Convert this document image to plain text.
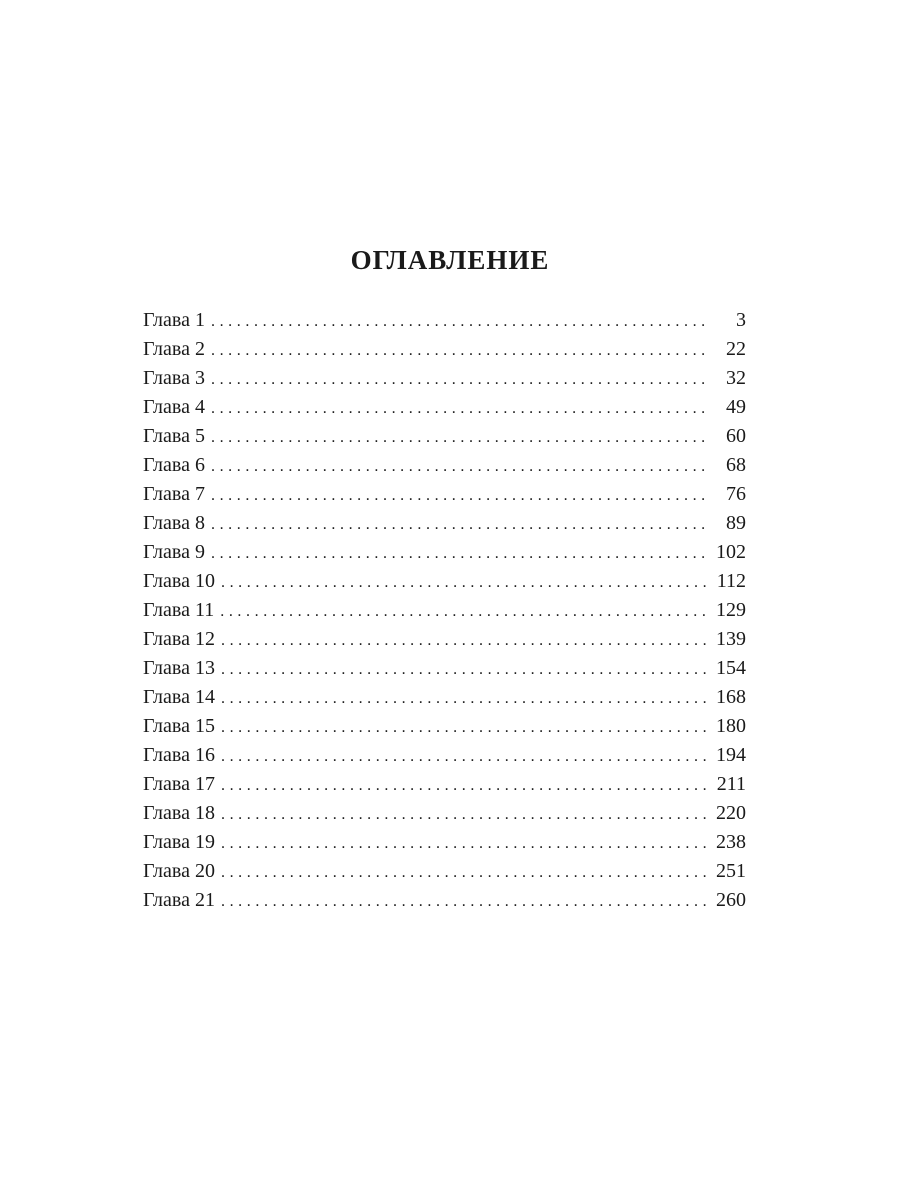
ОГЛАВЛЕНИЕ
Глава 1 . . .	3
Глава 2 . . .	22
Глава 3 . . .	32
Глава 4 . . .	49
Глава 5 . . .	60
Глава 6 . . .	68
Глава 7 . . .	76
Глава 8 . . .	89
Глава 9 . . .	102
Глава 10 . . .	112
Глава 11 . . .	129
Глава 12 . . .	139
Глава 13 . . .	154
Глава 14 . . .	168
Глава 15 . . .	180
Глава 16 . . .	194
Глава 17 . . .	211
Глава 18 . . .	220
Глава 19 . . .	238
Глава 20 . . .	251
Глава 21 . . .	260
